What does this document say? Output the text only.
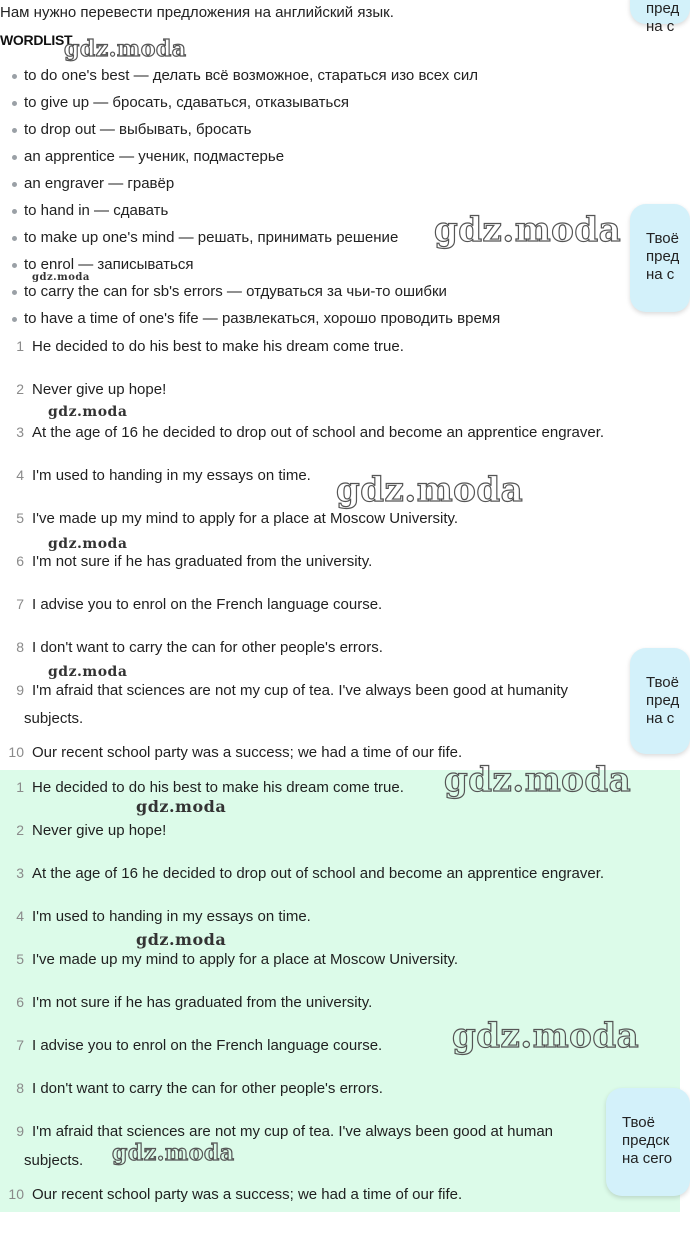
Нам нужно перевести предложения на английский язык.
WORDLIST
to do one's best — делать всё возможное, стараться изо всех сил
to give up — бросать, сдаваться, отказываться
to drop out — выбывать, бросать
an apprentice — ученик, подмастерье
an engraver — гравёр
to hand in — сдавать
to make up one's mind — решать, принимать решение
to enrol — записываться
to carry the can for sb's errors — отдуваться за чьи-то ошибки
to have a time of one's fife — развлекаться, хорошо проводить время
1 He decided to do his best to make his dream come true.
2 Never give up hope!
3 At the age of 16 he decided to drop out of school and become an apprentice engraver.
4 I'm used to handing in my essays on time.
5 I've made up my mind to apply for a place at Moscow University.
6 I'm not sure if he has graduated from the university.
7 I advise you to enrol on the French language course.
8 I don't want to carry the can for other people's errors.
9 I'm afraid that sciences are not my cup of tea. I've always been good at humanity
subjects.
10 Our recent school party was a success; we had a time of our fife.
1 He decided to do his best to make his dream come true.
2 Never give up hope!
3 At the age of 16 he decided to drop out of school and become an apprentice engraver.
4 I'm used to handing in my essays on time.
5 I've made up my mind to apply for a place at Moscow University.
6 I'm not sure if he has graduated from the university.
7 I advise you to enrol on the French language course.
8 I don't want to carry the can for other people's errors.
9 I'm afraid that sciences are not my cup of tea. I've always been good at human
subjects.
10 Our recent school party was a success; we had a time of our fife.
gdz.moda
gdz.moda
gdz.moda
gdz.moda
gdz.moda
gdz.moda
gdz.moda
gdz.moda
gdz.moda
gdz.moda
gdz.moda
gdz.moda
пред
на с
Твоё
пред
на с
Твоё
пред
на с
Твоё
предск
на сего
